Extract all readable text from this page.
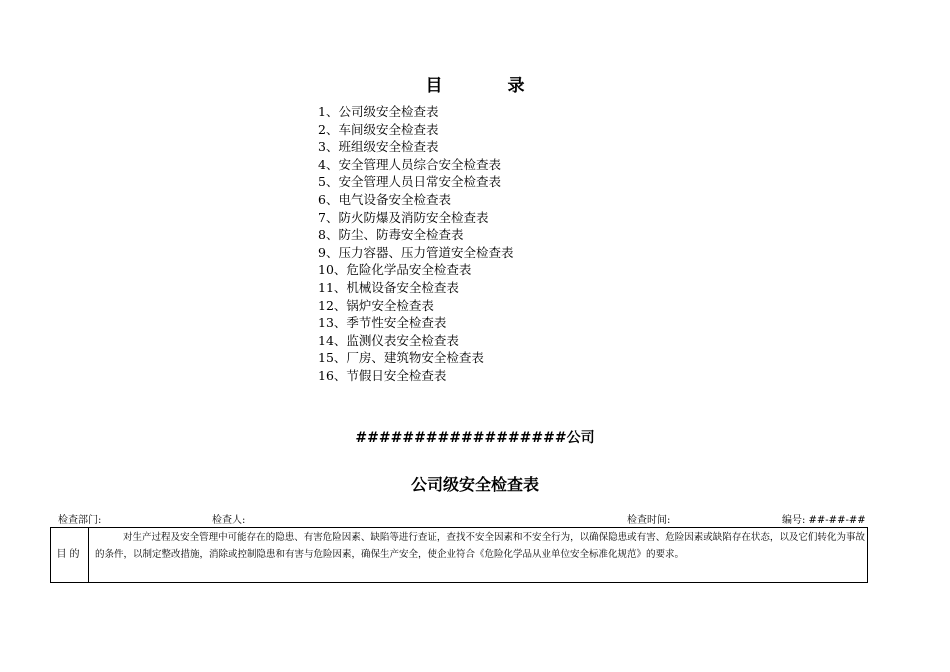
目　录
1、公司级安全检查表
2、车间级安全检查表
3、班组级安全检查表
4、安全管理人员综合安全检查表
5、安全管理人员日常安全检查表
6、电气设备安全检查表
7、防火防爆及消防安全检查表
8、防尘、防毒安全检查表
9、压力容器、压力管道安全检查表
10、危险化学品安全检查表
11、机械设备安全检查表
12、锅炉安全检查表
13、季节性安全检查表
14、监测仪表安全检查表
15、厂房、建筑物安全检查表
16、节假日安全检查表
##################公司
公司级安全检查表
检查部门:	检查人:	检查时间:	编号: ##-##-##
目的
对生产过程及安全管理中可能存在的隐患、有害危险因素、缺陷等进行查证，查找不安全因素和不安全行为，以确保隐患或有害、危险因素或缺陷存在状态，以及它们转化为事故的条件，以制定整改措施，消除或控制隐患和有害与危险因素，确保生产安全，使企业符合《危险化学品从业单位安全标准化规范》的要求。
